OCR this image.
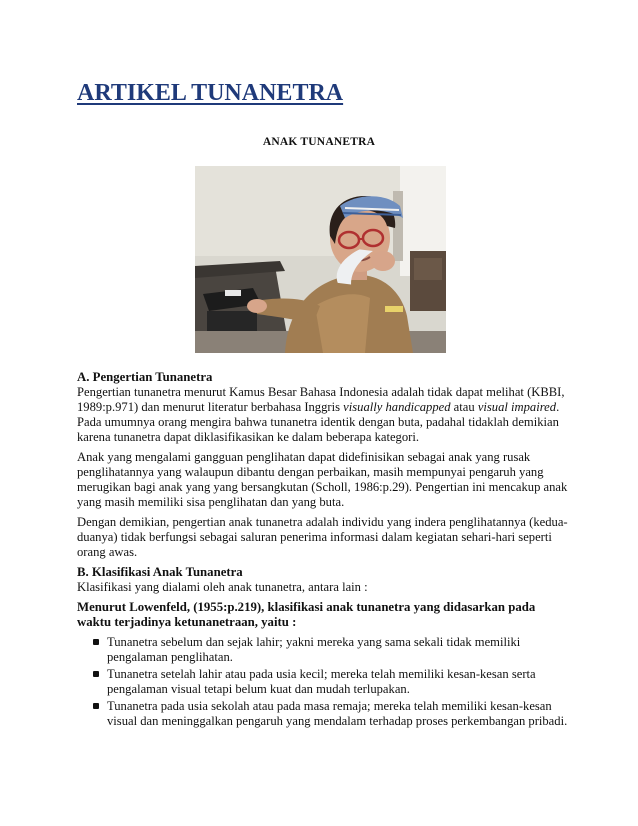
ARTIKEL TUNANETRA
ANAK TUNANETRA
A. Pengertian Tunanetra

Pengertian tunanetra menurut Kamus Besar Bahasa Indonesia adalah tidak dapat melihat (KBBI, 1989:p.971) dan menurut literatur berbahasa Inggris visually handicapped atau visual impaired. Pada umumnya orang mengira bahwa tunanetra identik dengan buta, padahal tidaklah demikian karena tunanetra dapat diklasifikasikan ke dalam beberapa kategori.

Anak yang mengalami gangguan penglihatan dapat didefinisikan sebagai anak yang rusak penglihatannya yang walaupun dibantu dengan perbaikan, masih mempunyai pengaruh yang merugikan bagi anak yang yang bersangkutan (Scholl, 1986:p.29). Pengertian ini mencakup anak yang masih memiliki sisa penglihatan dan yang buta.

Dengan demikian, pengertian anak tunanetra adalah individu yang indera penglihatannya (kedua-duanya) tidak berfungsi sebagai saluran penerima informasi dalam kegiatan sehari-hari seperti orang awas.

B. Klasifikasi Anak Tunanetra

Klasifikasi yang dialami oleh anak tunanetra, antara lain :

Menurut Lowenfeld, (1955:p.219), klasifikasi anak tunanetra yang didasarkan pada waktu terjadinya ketunanetraan, yaitu :
Tunanetra sebelum dan sejak lahir; yakni mereka yang sama sekali tidak memiliki pengalaman penglihatan.
Tunanetra setelah lahir atau pada usia kecil; mereka telah memiliki kesan-kesan serta pengalaman visual tetapi belum kuat dan mudah terlupakan.
Tunanetra pada usia sekolah atau pada masa remaja; mereka telah memiliki kesan-kesan visual dan meninggalkan pengaruh yang mendalam terhadap proses perkembangan pribadi.
